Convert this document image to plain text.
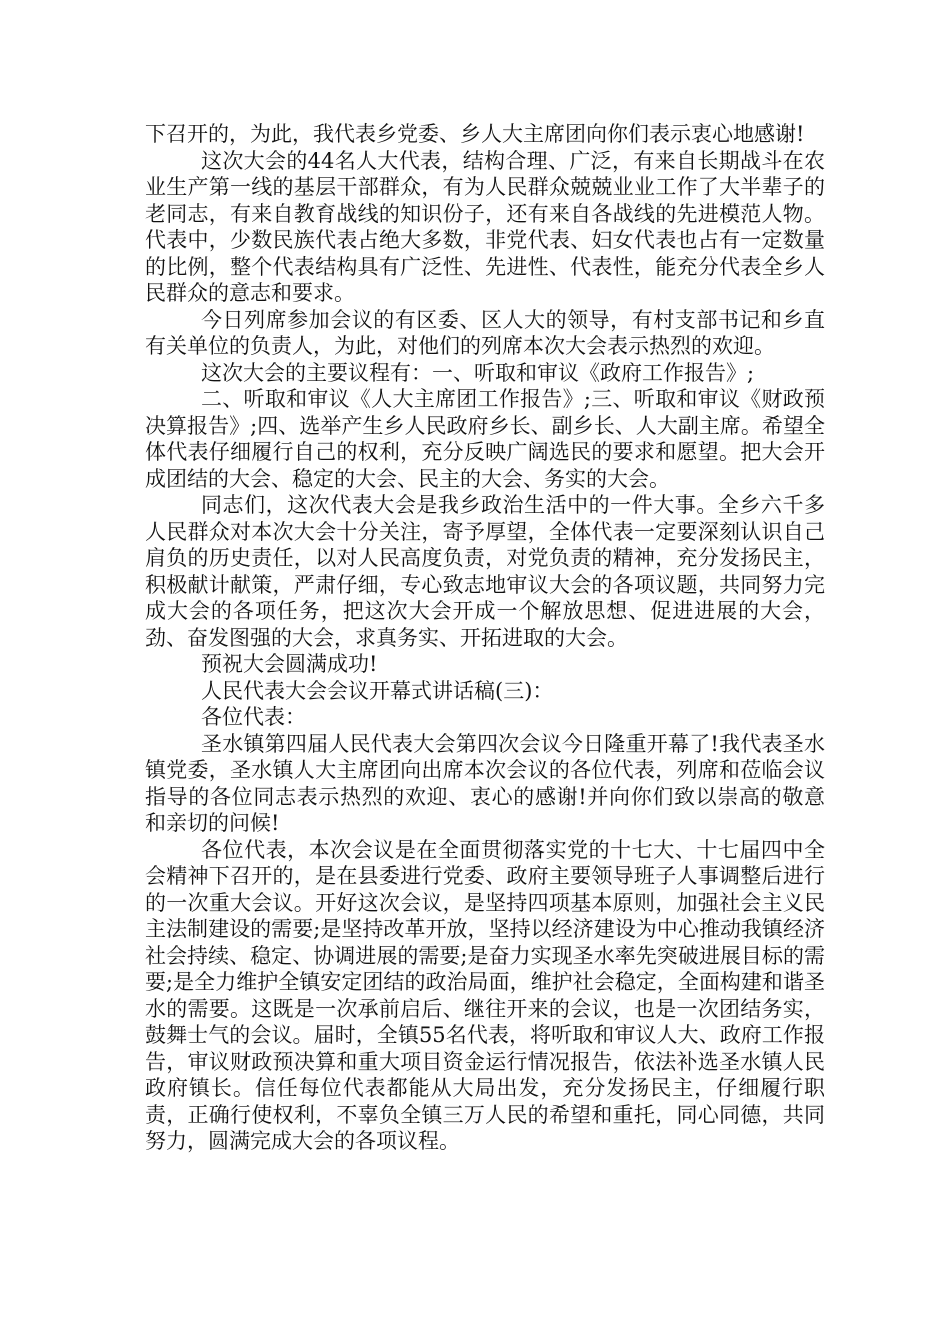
下召开的，为此，我代表乡党委、乡人大主席团向你们表示衷心地感谢!

这次大会的44名人大代表，结构合理、广泛，有来自长期战斗在农业生产第一线的基层干部群众，有为人民群众兢兢业业工作了大半辈子的老同志，有来自教育战线的知识份子，还有来自各战线的先进模范人物。代表中，少数民族代表占绝大多数，非党代表、妇女代表也占有一定数量的比例，整个代表结构具有广泛性、先进性、代表性，能充分代表全乡人民群众的意志和要求。

今日列席参加会议的有区委、区人大的领导，有村支部书记和乡直有关单位的负责人，为此，对他们的列席本次大会表示热烈的欢迎。

这次大会的主要议程有：一、听取和审议《政府工作报告》;

二、听取和审议《人大主席团工作报告》;三、听取和审议《财政预决算报告》;四、选举产生乡人民政府乡长、副乡长、人大副主席。希望全体代表仔细履行自己的权利，充分反映广阔选民的要求和愿望。把大会开成团结的大会、稳定的大会、民主的大会、务实的大会。

同志们，这次代表大会是我乡政治生活中的一件大事。全乡六千多人民群众对本次大会十分关注，寄予厚望，全体代表一定要深刻认识自己肩负的历史责任，以对人民高度负责，对党负责的精神，充分发扬民主，积极献计献策，严肃仔细，专心致志地审议大会的各项议题，共同努力完成大会的各项任务，把这次大会开成一个解放思想、促进进展的大会，劲、奋发图强的大会，求真务实、开拓进取的大会。

预祝大会圆满成功!

人民代表大会会议开幕式讲话稿(三)：

各位代表：

圣水镇第四届人民代表大会第四次会议今日隆重开幕了!我代表圣水镇党委，圣水镇人大主席团向出席本次会议的各位代表，列席和莅临会议指导的各位同志表示热烈的欢迎、衷心的感谢!并向你们致以崇高的敬意和亲切的问候!

各位代表，本次会议是在全面贯彻落实党的十七大、十七届四中全会精神下召开的，是在县委进行党委、政府主要领导班子人事调整后进行的一次重大会议。开好这次会议，是坚持四项基本原则，加强社会主义民主法制建设的需要;是坚持改革开放，坚持以经济建设为中心推动我镇经济社会持续、稳定、协调进展的需要;是奋力实现圣水率先突破进展目标的需要;是全力维护全镇安定团结的政治局面，维护社会稳定，全面构建和谐圣水的需要。这既是一次承前启后、继往开来的会议，也是一次团结务实，鼓舞士气的会议。届时，全镇55名代表，将听取和审议人大、政府工作报告，审议财政预决算和重大项目资金运行情况报告，依法补选圣水镇人民政府镇长。信任每位代表都能从大局出发，充分发扬民主，仔细履行职责，正确行使权利，不辜负全镇三万人民的希望和重托，同心同德，共同努力，圆满完成大会的各项议程。
